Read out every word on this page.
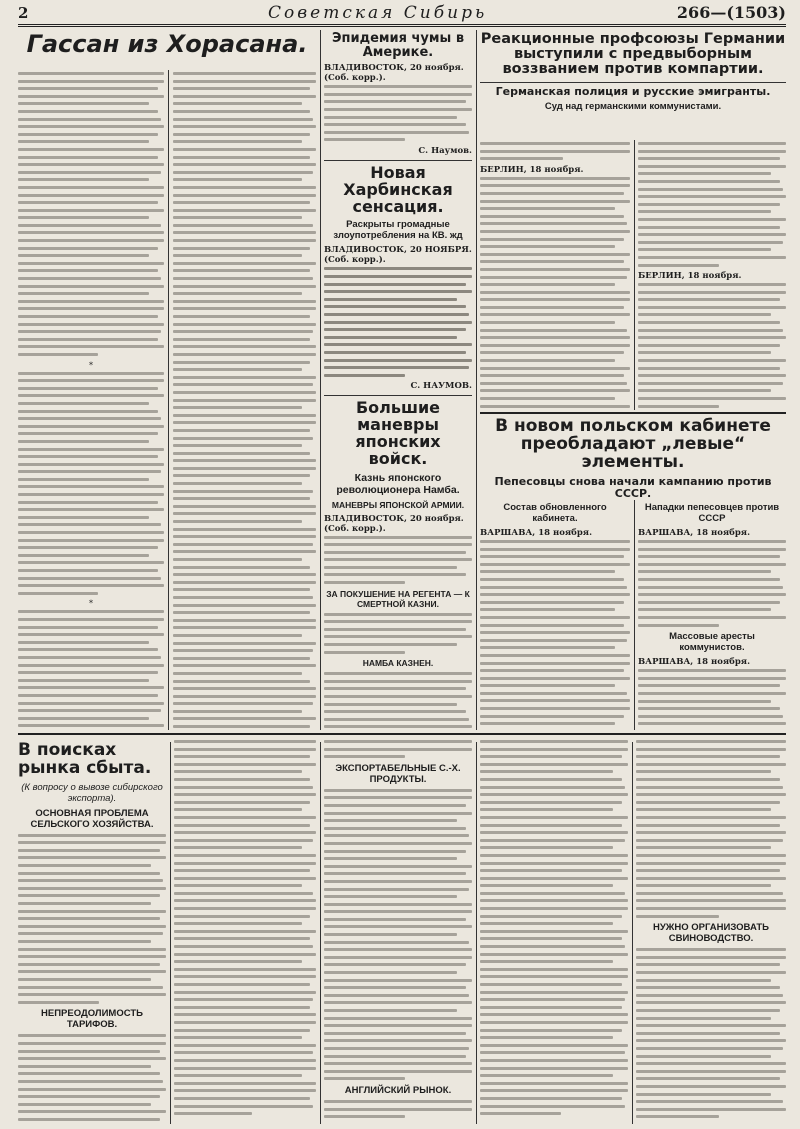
2	Советская Сибирь	266—(1503)
Гассан из Хорасана.
*
*
Эпидемия чумы в Америке.
ВЛАДИВОСТОК, 20 ноября. (Соб. корр.).
С. Наумов.
Новая Харбинская сенсация.
Раскрыты громадные злоупотребления на КВ. жд
ВЛАДИВОСТОК, 20 НОЯБРЯ. (Соб. корр.).
С. НАУМОВ.
Большие маневры японских войск.
Казнь японского революционера Намба.
МАНЕВРЫ ЯПОНСКОЙ АРМИИ.
ВЛАДИВОСТОК, 20 ноября. (Соб. корр.).
ЗА ПОКУШЕНИЕ НА РЕГЕНТА — К СМЕРТНОЙ КАЗНИ.
НАМБА КАЗНЕН.
Реакционные профсоюзы Германии выступили с предвыборным воззванием против компартии.
Германская полиция и русские эмигранты.
Суд над германскими коммунистами.
БЕРЛИН, 18 ноября.
БЕРЛИН, 18 ноября.
В новом польском кабинете преобладают „левые“ элементы.
Пепесовцы снова начали кампанию против СССР.
Состав обновленного кабинета.
ВАРШАВА, 18 ноября.
Нападки пепесовцев против СССР
ВАРШАВА, 18 ноября.
Массовые аресты коммунистов.
ВАРШАВА, 18 ноября.
В поисках рынка сбыта.
(К вопросу о вывозе сибирского экспорта).
ОСНОВНАЯ ПРОБЛЕМА СЕЛЬСКОГО ХОЗЯЙСТВА.
НЕПРЕОДОЛИМОСТЬ ТАРИФОВ.
ЭКСПОРТАБЕЛЬНЫЕ С.-Х. ПРОДУКТЫ.
АНГЛИЙСКИЙ РЫНОК.
НУЖНО ОРГАНИЗОВАТЬ СВИНОВОДСТВО.
